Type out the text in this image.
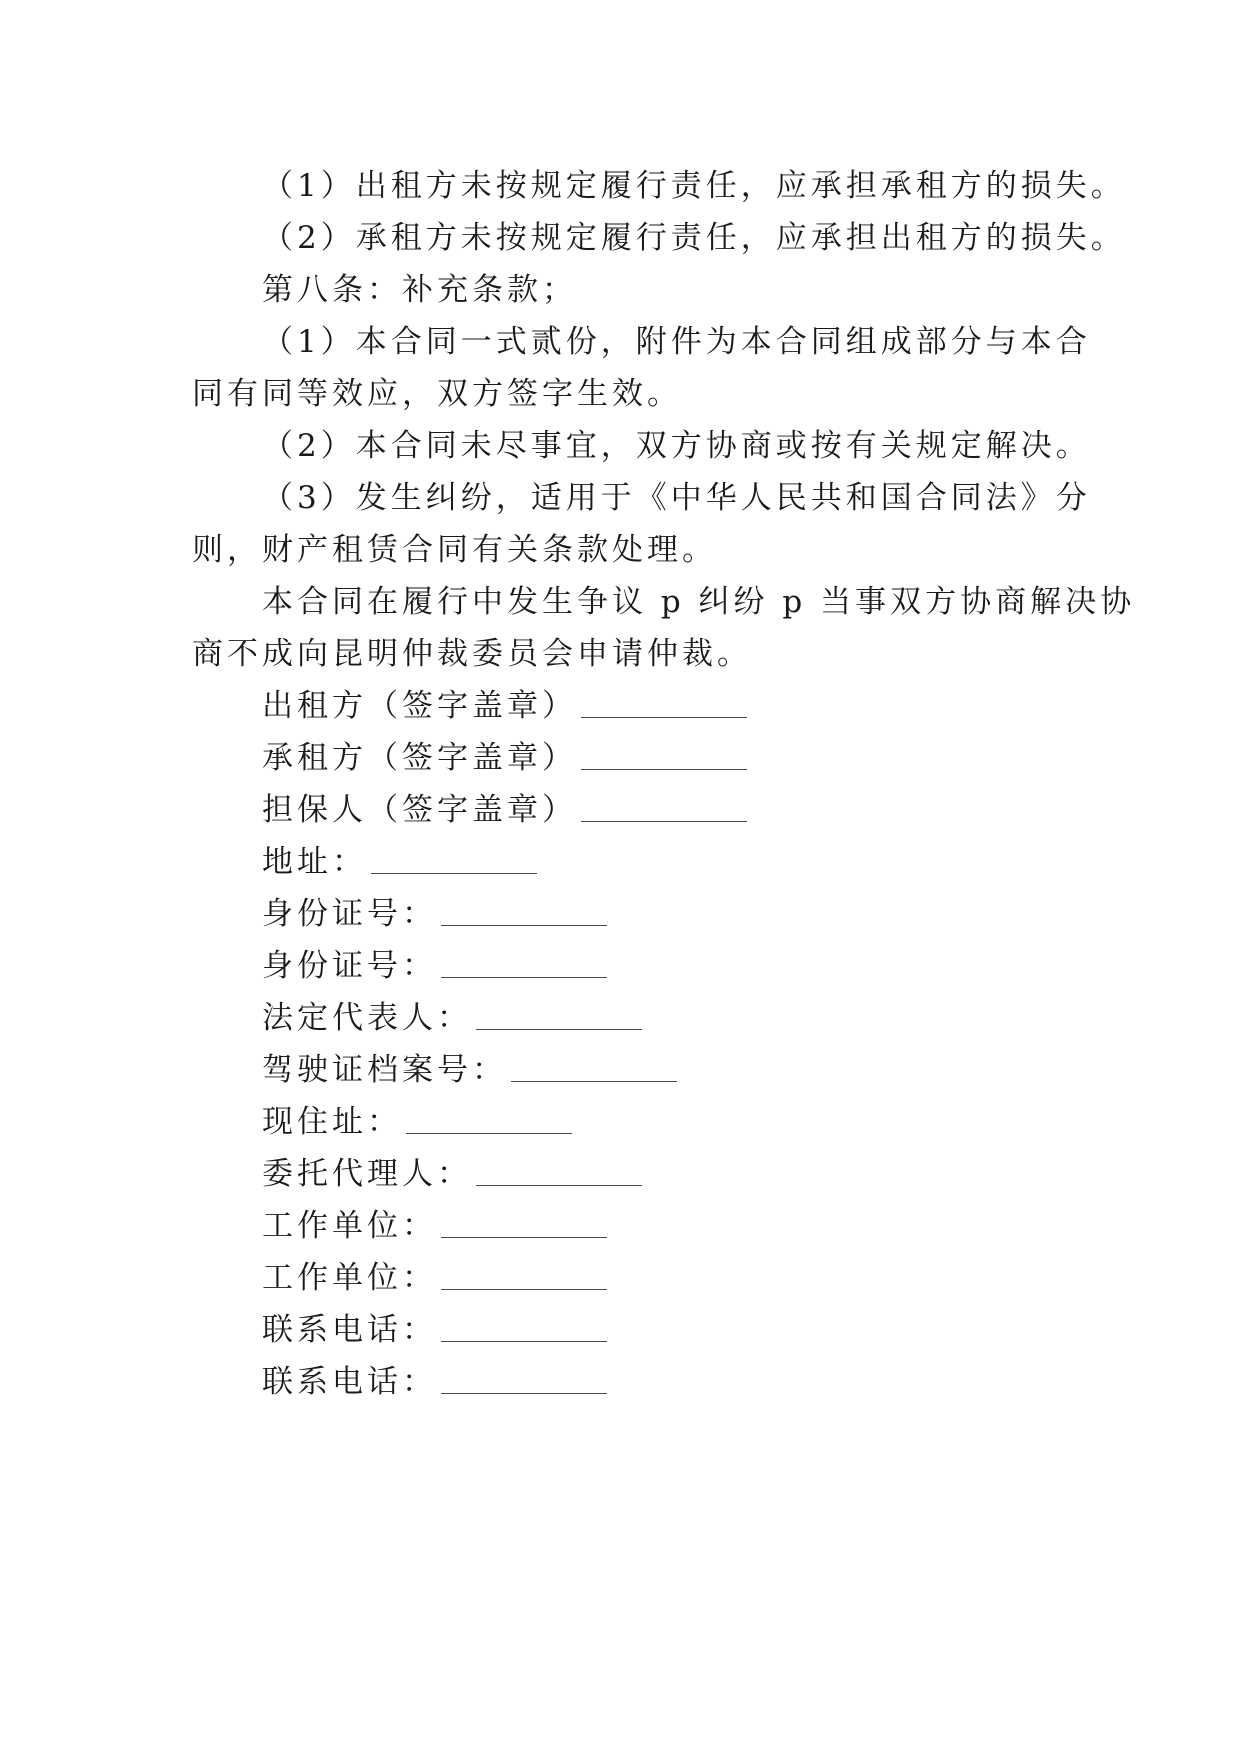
（1）出租方未按规定履行责任，应承担承租方的损失。
（2）承租方未按规定履行责任，应承担出租方的损失。
第八条：补充条款；
（1）本合同一式贰份，附件为本合同组成部分与本合
同有同等效应，双方签字生效。
（2）本合同未尽事宜，双方协商或按有关规定解决。
（3）发生纠纷，适用于《中华人民共和国合同法》分
则，财产租赁合同有关条款处理。
本合同在履行中发生争议 p 纠纷 p 当事双方协商解决协
商不成向昆明仲裁委员会申请仲裁。
出租方（签字盖章）
承租方（签字盖章）
担保人（签字盖章）
地址：
身份证号：
身份证号：
法定代表人：
驾驶证档案号：
现住址：
委托代理人：
工作单位：
工作单位：
联系电话：
联系电话：
